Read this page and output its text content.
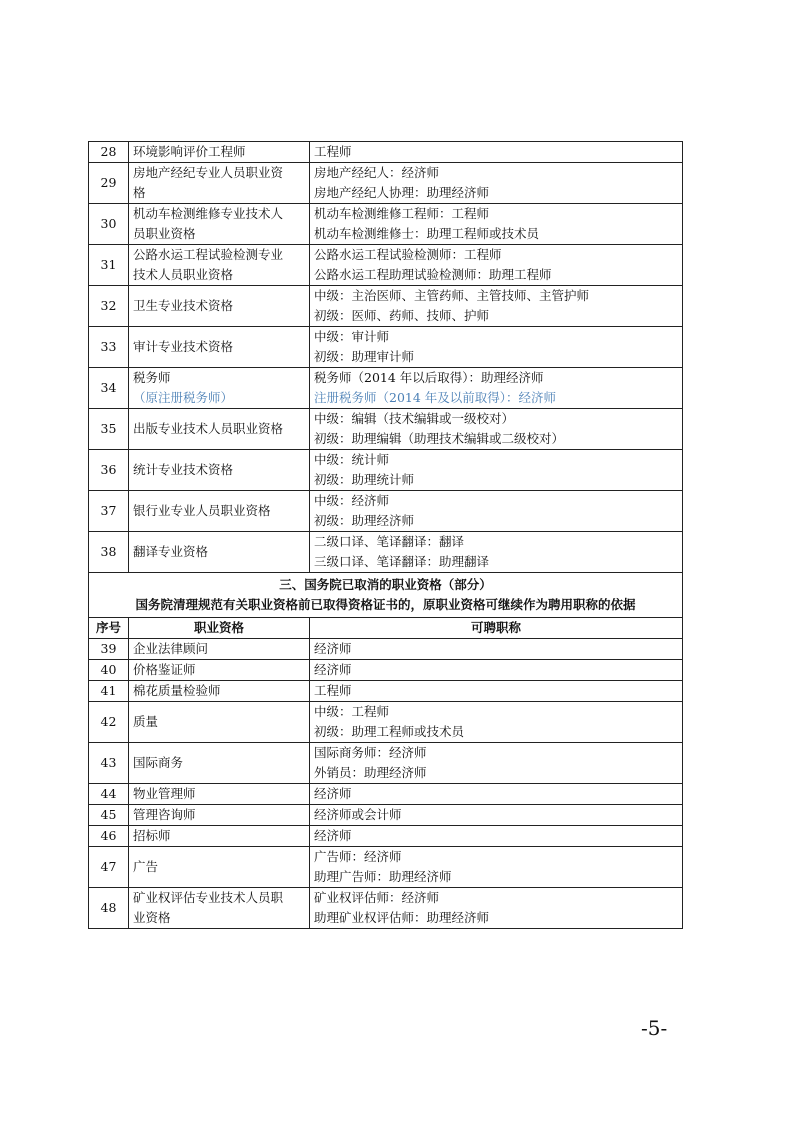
28	环境影响评价工程师	工程师

29	房地产经纪专业人员职业资
格	房地产经纪人：经济师
房地产经纪人协理：助理经济师

30	机动车检测维修专业技术人
员职业资格	机动车检测维修工程师：工程师
机动车检测维修士：助理工程师或技术员

31	公路水运工程试验检测专业
技术人员职业资格	公路水运工程试验检测师：工程师
公路水运工程助理试验检测师：助理工程师

32	卫生专业技术资格	中级：主治医师、主管药师、主管技师、主管护师
初级：医师、药师、技师、护师

33	审计专业技术资格	中级：审计师
初级：助理审计师

34	税务师
（原注册税务师）	税务师（2014 年以后取得）：助理经济师
注册税务师（2014 年及以前取得）：经济师

35	出版专业技术人员职业资格	中级：编辑（技术编辑或一级校对）
初级：助理编辑（助理技术编辑或二级校对）

36	统计专业技术资格	中级：统计师
初级：助理统计师

37	银行业专业人员职业资格	中级：经济师
初级：助理经济师

38	翻译专业资格	二级口译、笔译翻译：翻译
三级口译、笔译翻译：助理翻译

三、国务院已取消的职业资格（部分）
国务院清理规范有关职业资格前已取得资格证书的，原职业资格可继续作为聘用职称的依据		

序号	职业资格	可聘职称
39	企业法律顾问	经济师

40	价格鉴证师	经济师

41	棉花质量检验师	工程师

42	质量	中级：工程师
初级：助理工程师或技术员

43	国际商务	国际商务师：经济师
外销员：助理经济师

44	物业管理师	经济师

45	管理咨询师	经济师或会计师

46	招标师	经济师

47	广告	广告师：经济师
助理广告师：助理经济师

48	矿业权评估专业技术人员职
业资格	矿业权评估师：经济师
助理矿业权评估师：助理经济师
-5-
